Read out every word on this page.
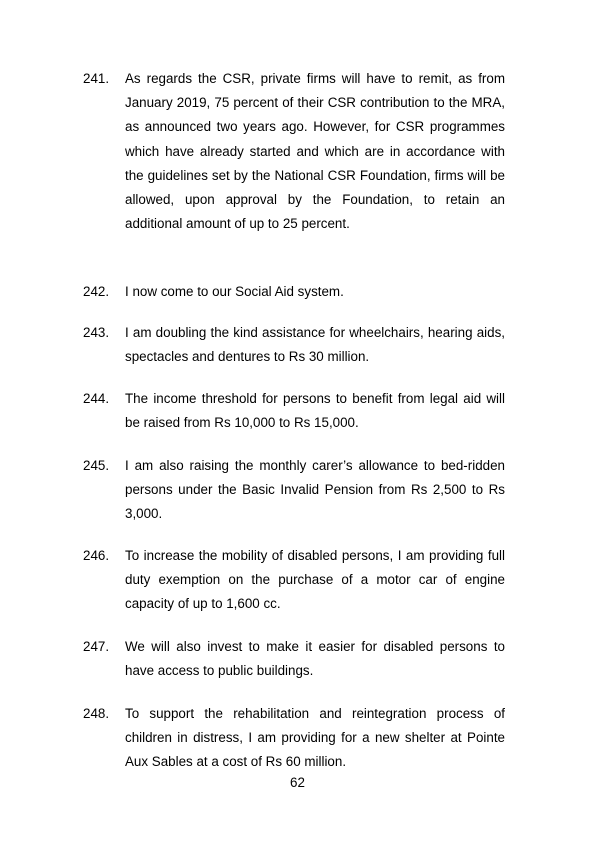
241.	As regards the CSR, private firms will have to remit, as from January 2019, 75 percent of their CSR contribution to the MRA, as announced two years ago. However, for CSR programmes which have already started and which are in accordance with the guidelines set by the National CSR Foundation, firms will be allowed, upon approval by the Foundation, to retain an additional amount of up to 25 percent.
242.	I now come to our Social Aid system.
243.	I am doubling the kind assistance for wheelchairs, hearing aids, spectacles and dentures to Rs 30 million.
244.	The income threshold for persons to benefit from legal aid will be raised from Rs 10,000 to Rs 15,000.
245.	I am also raising the monthly carer’s allowance to bed-ridden persons under the Basic Invalid Pension from Rs 2,500 to Rs 3,000.
246.	To increase the mobility of disabled persons, I am providing full duty exemption on the purchase of a motor car of engine capacity of up to 1,600 cc.
247.	We will also invest to make it easier for disabled persons to have access to public buildings.
248.	To support the rehabilitation and reintegration process of children in distress, I am providing for a new shelter at Pointe Aux Sables at a cost of Rs 60 million.
62
